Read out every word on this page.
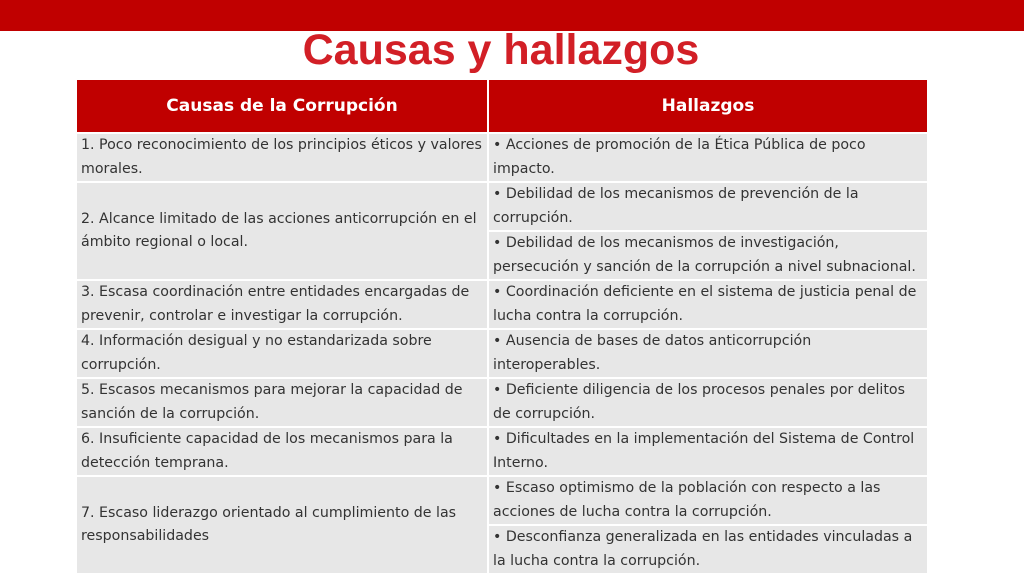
Causas y hallazgos
Causas de la Corrupción	Hallazgos
1. Poco reconocimiento de los principios éticos y valores morales.	• Acciones de promoción de la Ética Pública de poco impacto.
2. Alcance limitado de las acciones anticorrupción en el ámbito regional o local.	• Debilidad de los mecanismos de prevención de la corrupción.
	• Debilidad de los mecanismos de investigación, persecución y sanción de la corrupción a nivel subnacional.
3. Escasa coordinación entre entidades encargadas de prevenir, controlar e investigar la corrupción.	• Coordinación deficiente en el sistema de justicia penal de lucha contra la corrupción.
4. Información desigual y no estandarizada sobre corrupción.	• Ausencia de bases de datos anticorrupción interoperables.
5. Escasos mecanismos para mejorar la capacidad de sanción de la corrupción.	• Deficiente diligencia de los procesos penales por delitos de corrupción.
6. Insuficiente capacidad de los mecanismos para la detección temprana.	• Dificultades en la implementación del Sistema de Control Interno.
7. Escaso liderazgo orientado al cumplimiento de las responsabilidades	• Escaso optimismo de la población con respecto a las acciones de lucha contra la corrupción.
	• Desconfianza generalizada en las entidades vinculadas a la lucha contra la corrupción.
